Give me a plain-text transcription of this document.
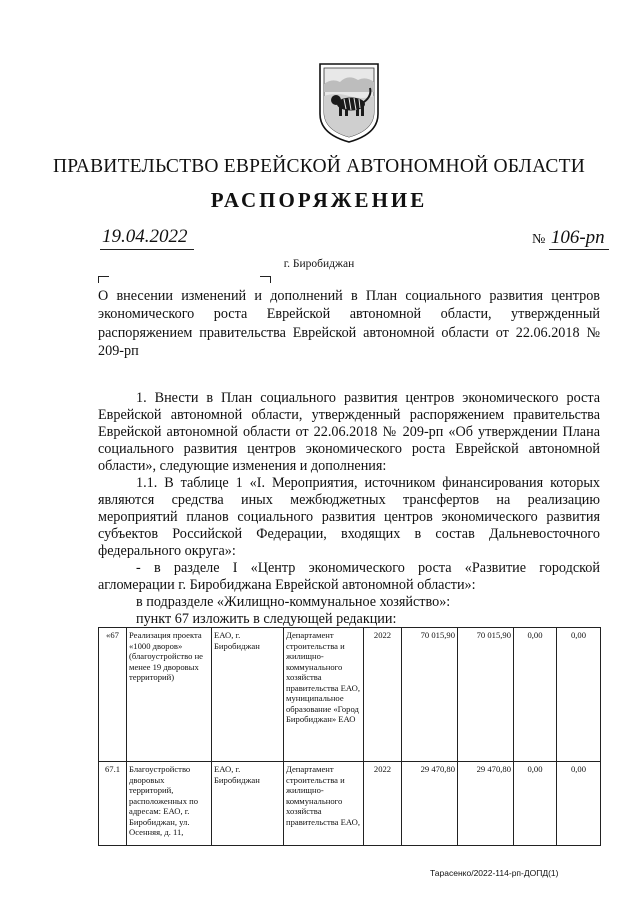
ПРАВИТЕЛЬСТВО ЕВРЕЙСКОЙ АВТОНОМНОЙ ОБЛАСТИ
РАСПОРЯЖЕНИЕ
19.04.2022	№ 106-рп
г. Биробиджан
О внесении изменений и дополнений в План социального развития центров экономического роста Еврейской автономной области, утвержденный распоряжением правительства Еврейской автономной области от 22.06.2018 № 209-рп

1. Внести в План социального развития центров экономического роста Еврейской автономной области, утвержденный распоряжением правительства Еврейской автономной области от 22.06.2018 № 209-рп «Об утверждении Плана социального развития центров экономического роста Еврейской автономной области», следующие изменения и дополнения:

1.1. В таблице 1 «I. Мероприятия, источником финансирования которых являются средства иных межбюджетных трансфертов на реализацию мероприятий планов социального развития центров экономического развития субъектов Российской Федерации, входящих в состав Дальневосточного федерального округа»:

- в разделе I «Центр экономического роста «Развитие городской агломерации г. Биробиджана Еврейской автономной области»:

в подразделе «Жилищно-коммунальное хозяйство»:

пункт 67 изложить в следующей редакции:

«67	Реализация проекта «1000 дворов» (благоустройство не менее 19 дворовых территорий)	ЕАО, г. Биробиджан	Департамент строительства и жилищно-коммунального хозяйства правительства ЕАО, муниципальное образование «Город Биробиджан» ЕАО	2022	70 015,90	70 015,90	0,00	0,00
67.1	Благоустройство дворовых территорий, расположенных по адресам: ЕАО, г. Биробиджан, ул. Осенняя, д. 11,	ЕАО, г. Биробиджан	Департамент строительства и жилищно-коммунального хозяйства правительства ЕАО,	2022	29 470,80	29 470,80	0,00	0,00
Тарасенко/2022-114-рп-ДОПД(1)
